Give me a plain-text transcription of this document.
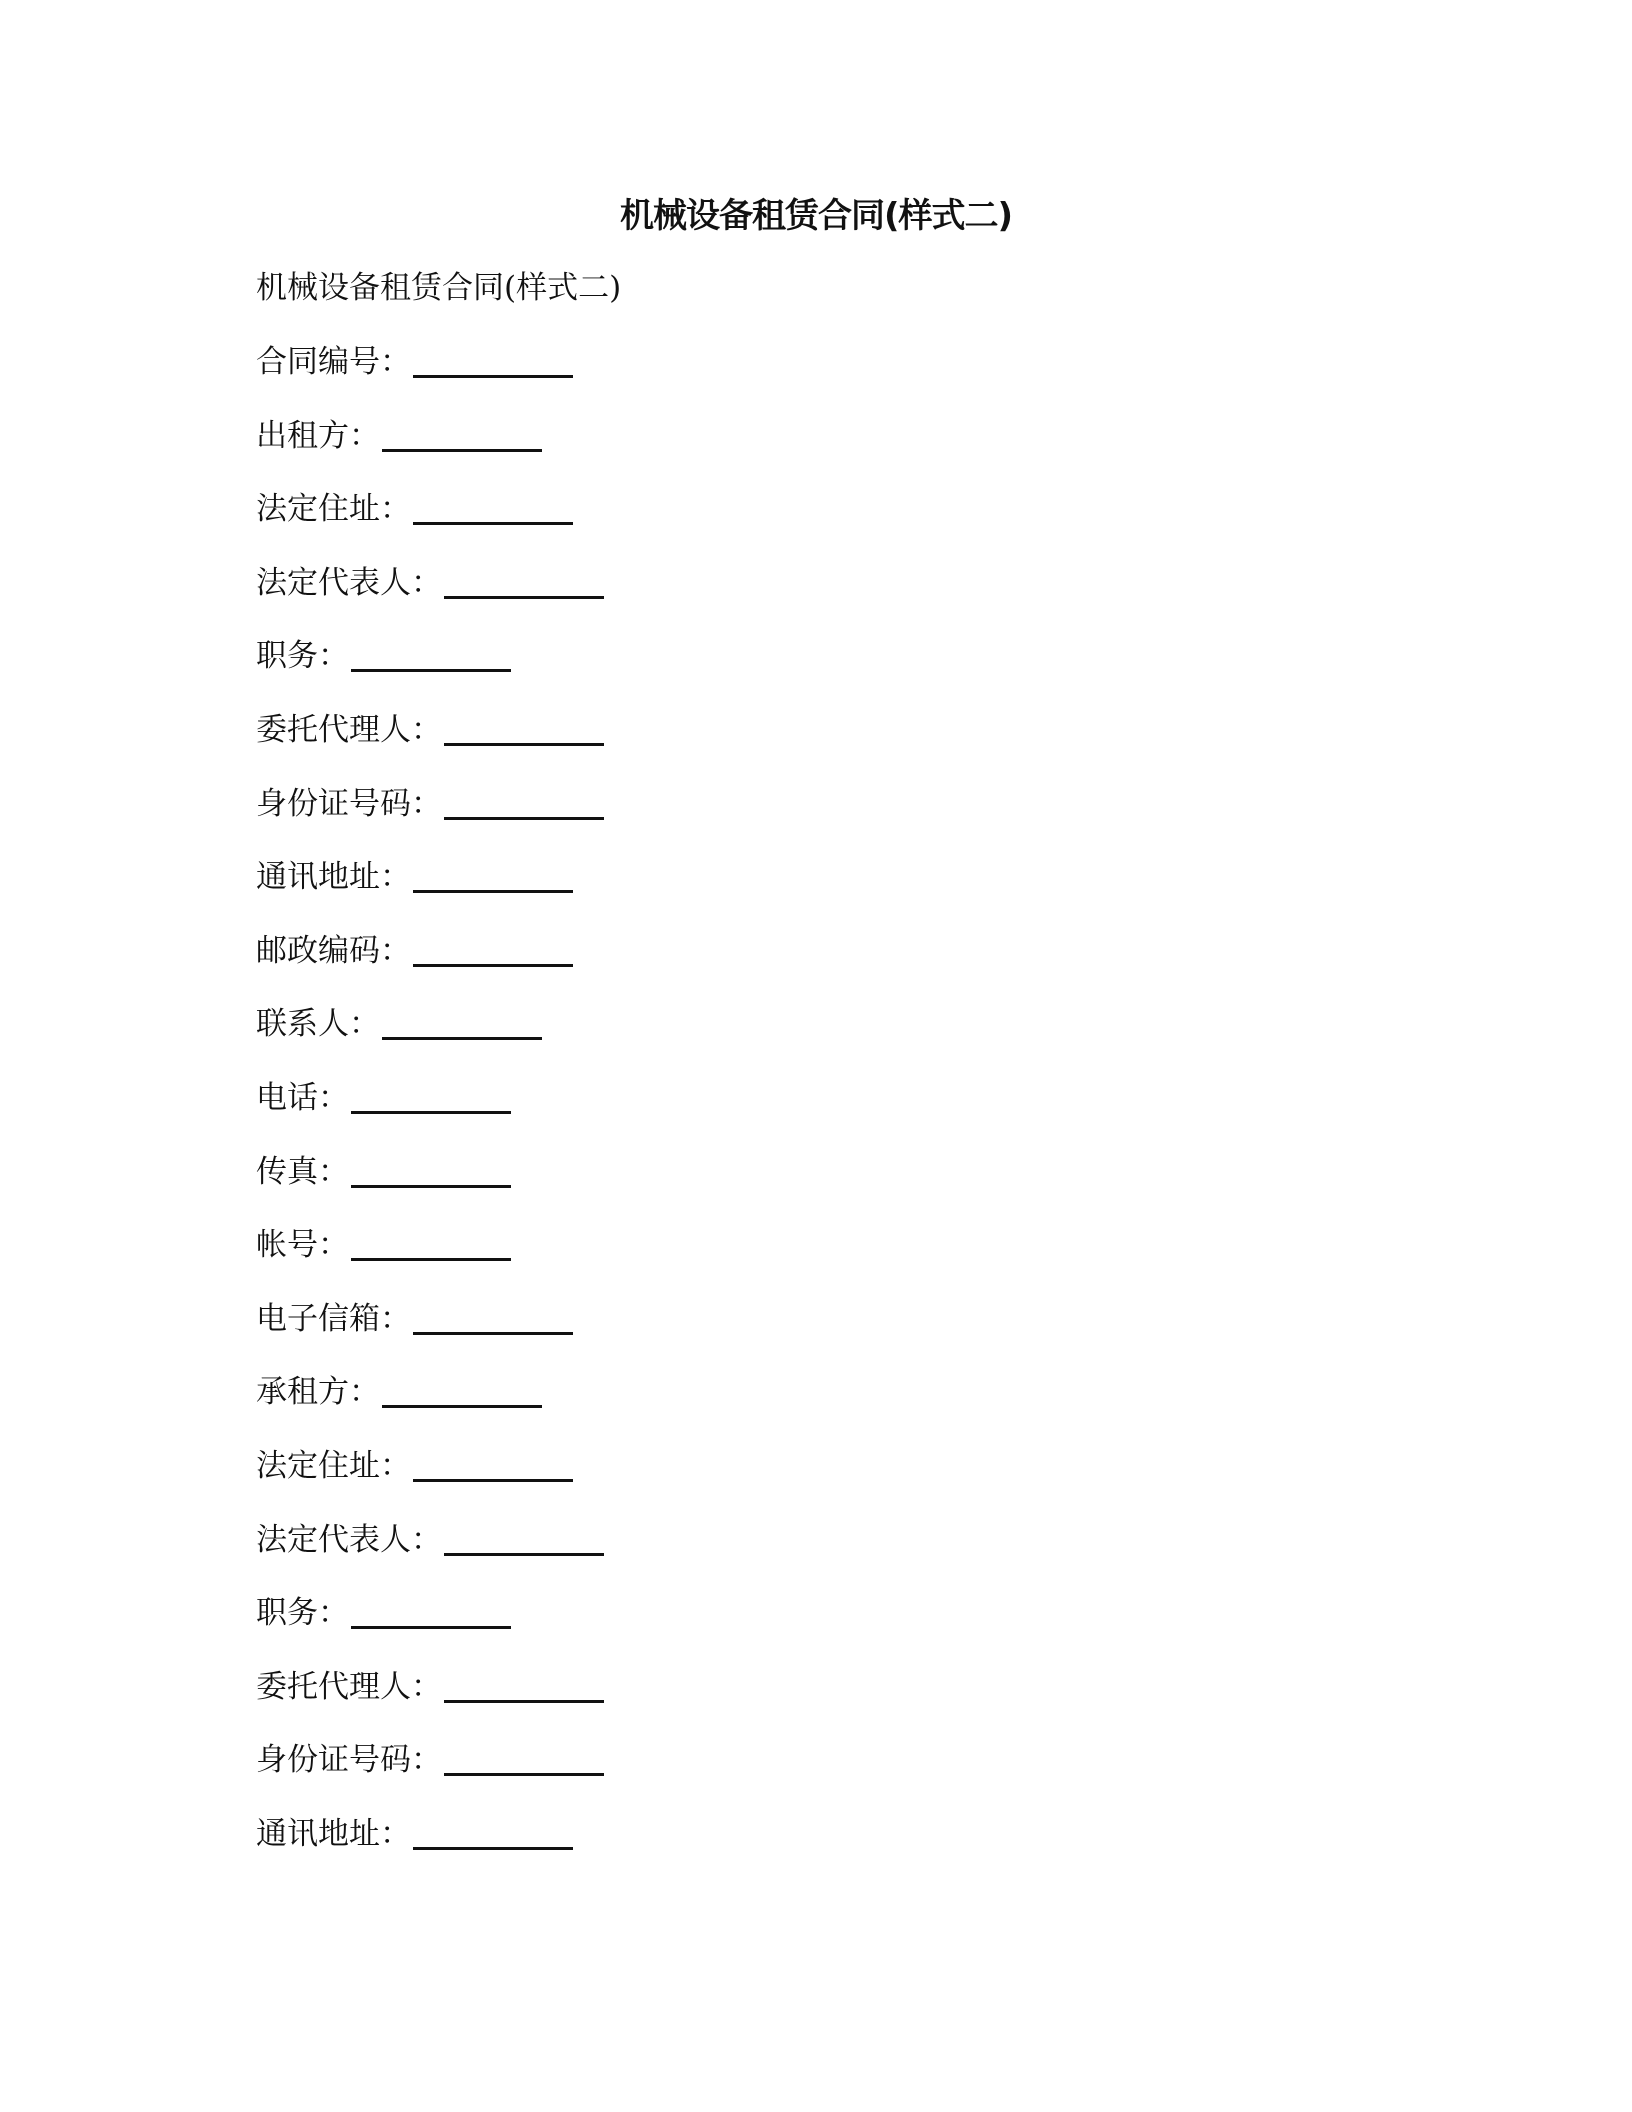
机械设备租赁合同(样式二)

机械设备租赁合同(样式二)

合同编号：
出租方：
法定住址：
法定代表人：
职务：
委托代理人：
身份证号码：
通讯地址：
邮政编码：
联系人：
电话：
传真：
帐号：
电子信箱：
承租方：
法定住址：
法定代表人：
职务：
委托代理人：
身份证号码：
通讯地址：
